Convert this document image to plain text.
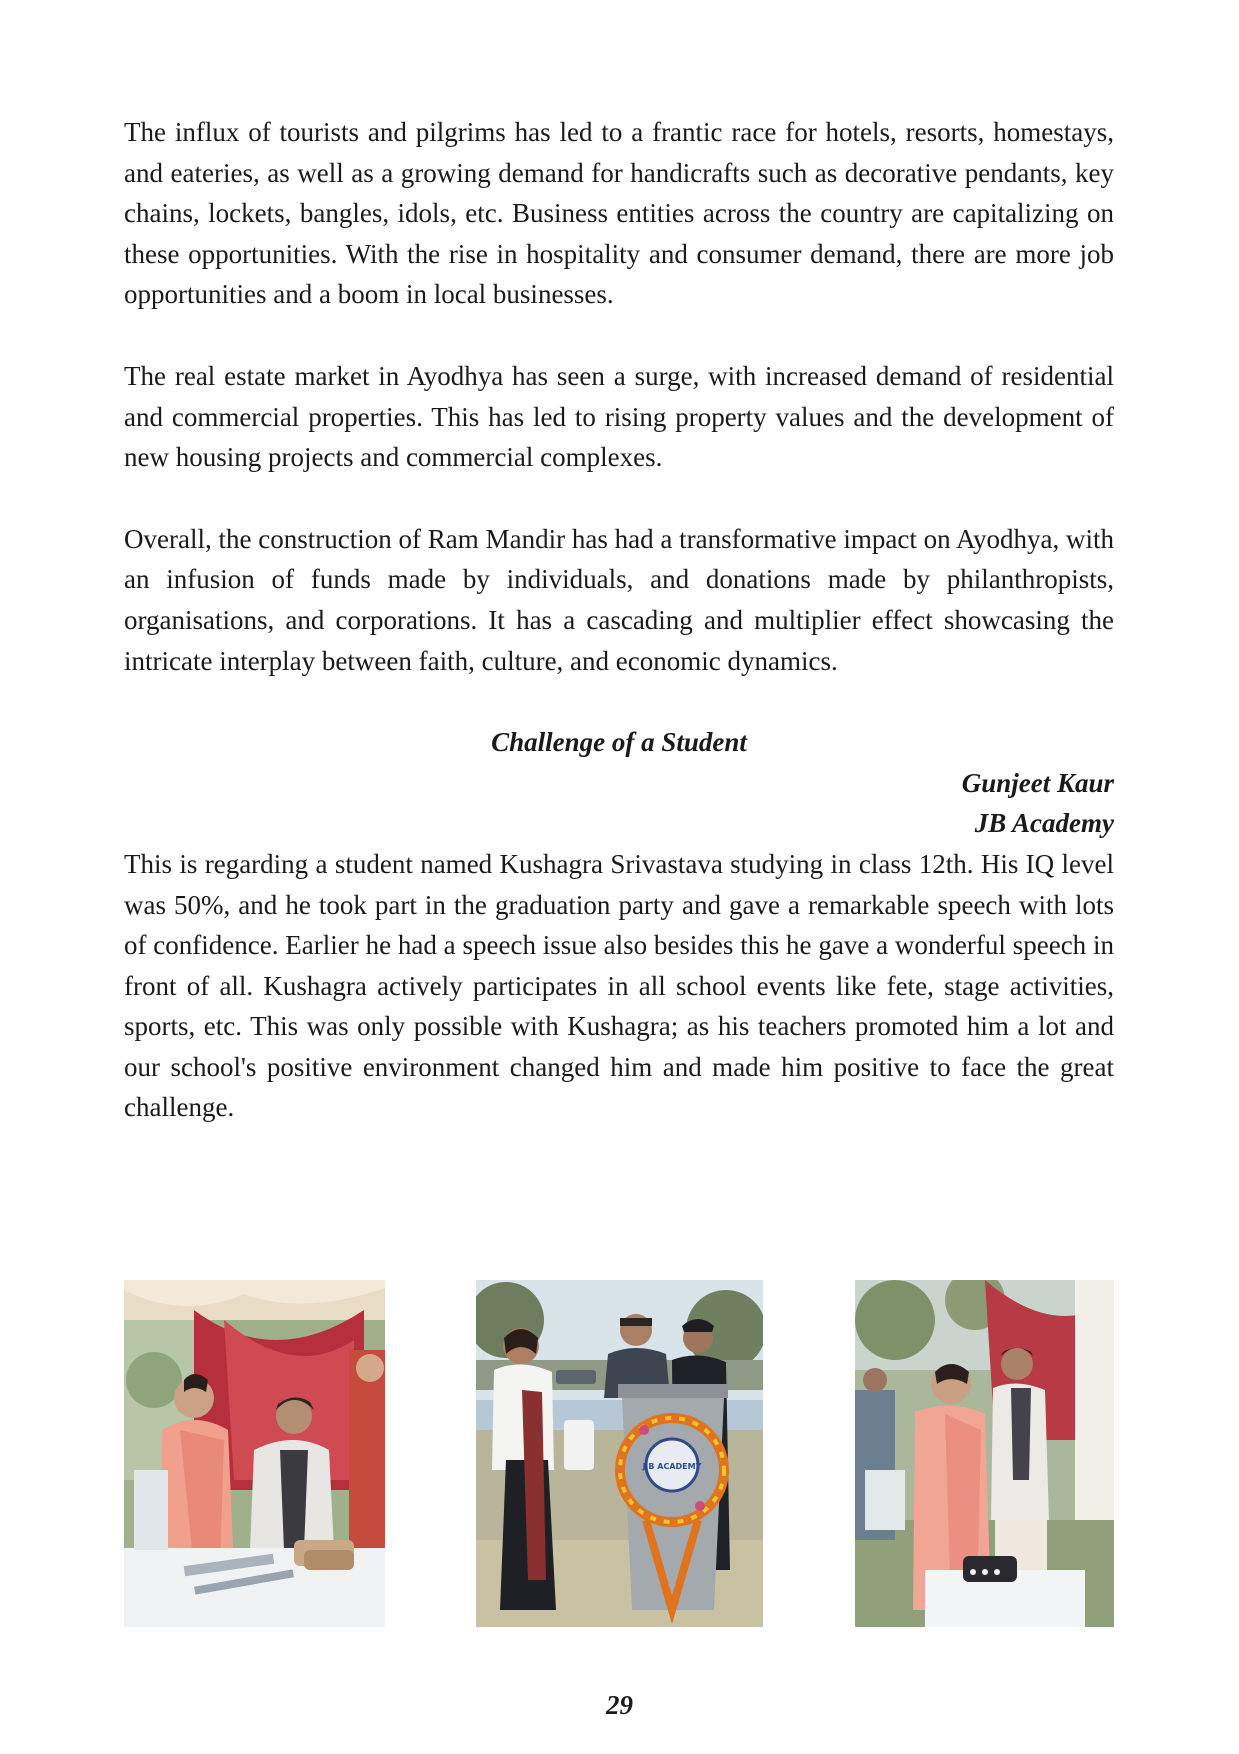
The influx of tourists and pilgrims has led to a frantic race for hotels, resorts, homestays, and eateries, as well as a growing demand for handicrafts such as decorative pendants, key chains, lockets, bangles, idols, etc. Business entities across the country are capitalizing on these opportunities. With the rise in hospitality and consumer demand, there are more job opportunities and a boom in local businesses.

The real estate market in Ayodhya has seen a surge, with increased demand of residential and commercial properties. This has led to rising property values and the development of new housing projects and commercial complexes.

Overall, the construction of Ram Mandir has had a transformative impact on Ayodhya, with an infusion of funds made by individuals, and donations made by philanthropists, organisations, and corporations. It has a cascading and multiplier effect showcasing the intricate interplay between faith, culture, and economic dynamics.

Challenge of a Student
Gunjeet Kaur
JB Academy

This is regarding a student named Kushagra Srivastava studying in class 12th. His IQ level was 50%, and he took part in the graduation party and gave a remarkable speech with lots of confidence. Earlier he had a speech issue also besides this he gave a wonderful speech in front of all. Kushagra actively participates in all school events like fete, stage activities, sports, etc. This was only possible with Kushagra; as his teachers promoted him a lot and our school's positive environment changed him and made him positive to face the great challenge.

J B ACADEMY
29
